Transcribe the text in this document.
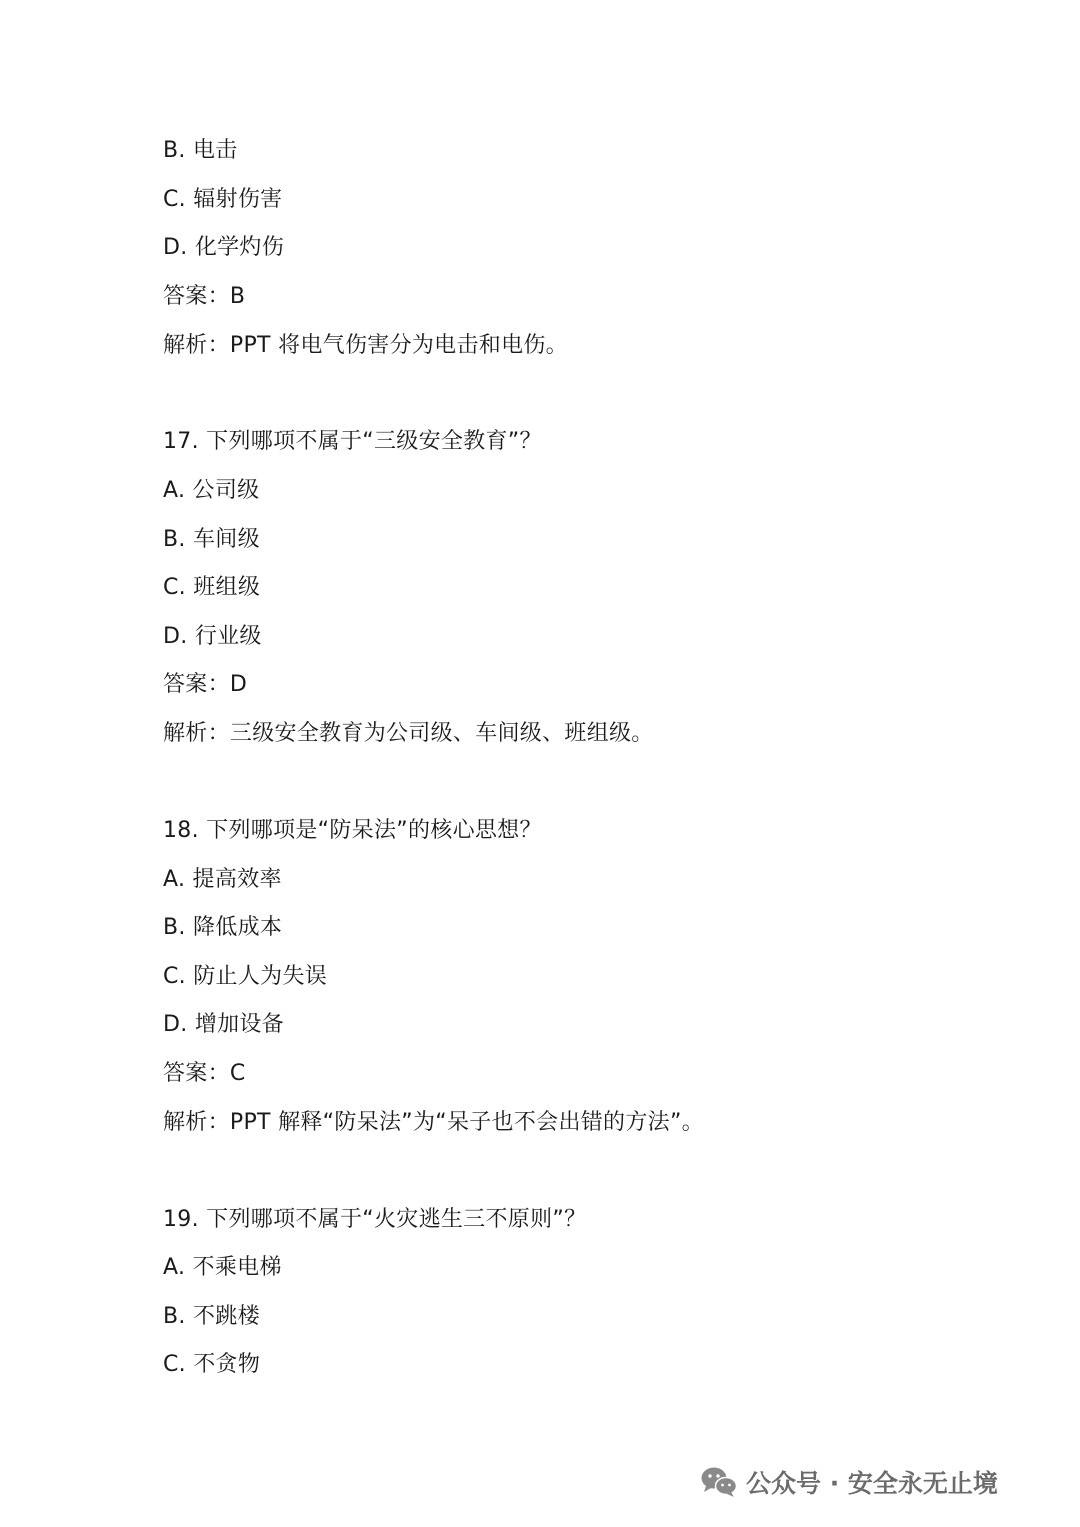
B. 电击
C. 辐射伤害
D. 化学灼伤
答案：B
解析：PPT 将电气伤害分为电击和电伤。
17. 下列哪项不属于“三级安全教育”？
A. 公司级
B. 车间级
C. 班组级
D. 行业级
答案：D
解析：三级安全教育为公司级、车间级、班组级。
18. 下列哪项是“防呆法”的核心思想？
A. 提高效率
B. 降低成本
C. 防止人为失误
D. 增加设备
答案：C
解析：PPT 解释“防呆法”为“呆子也不会出错的方法”。
19. 下列哪项不属于“火灾逃生三不原则”？
A. 不乘电梯
B. 不跳楼
C. 不贪物
公众号 · 安全永无止境
